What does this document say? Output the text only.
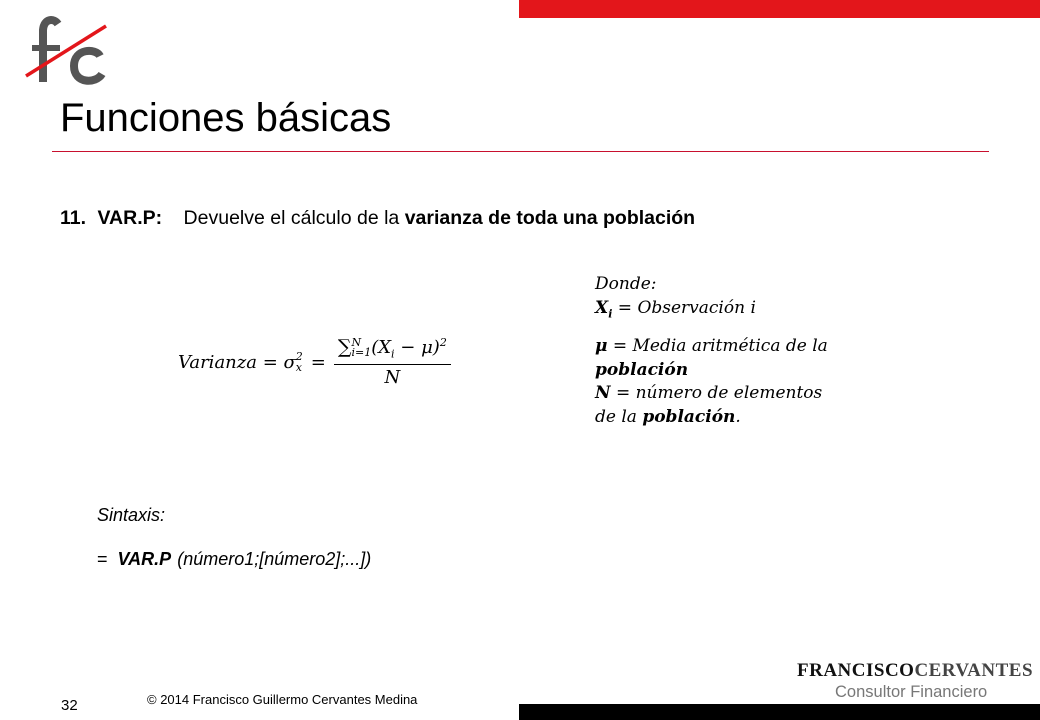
Funciones básicas
11. VAR.P: Devuelve el cálculo de la varianza de toda una población
Varianza = σ 2
x = ∑ N
i=1 $(X_i - \mu)^2$
N
Donde:
$X_i$ = Observación i
μ = Media aritmética de la
población
N = número de elementos
de la población.
Sintaxis:
= VAR.P (número1;[número2];...])
32	© 2014 Francisco Guillermo Cervantes Medina
FRANCISCOCERVANTES
Consultor Financiero
